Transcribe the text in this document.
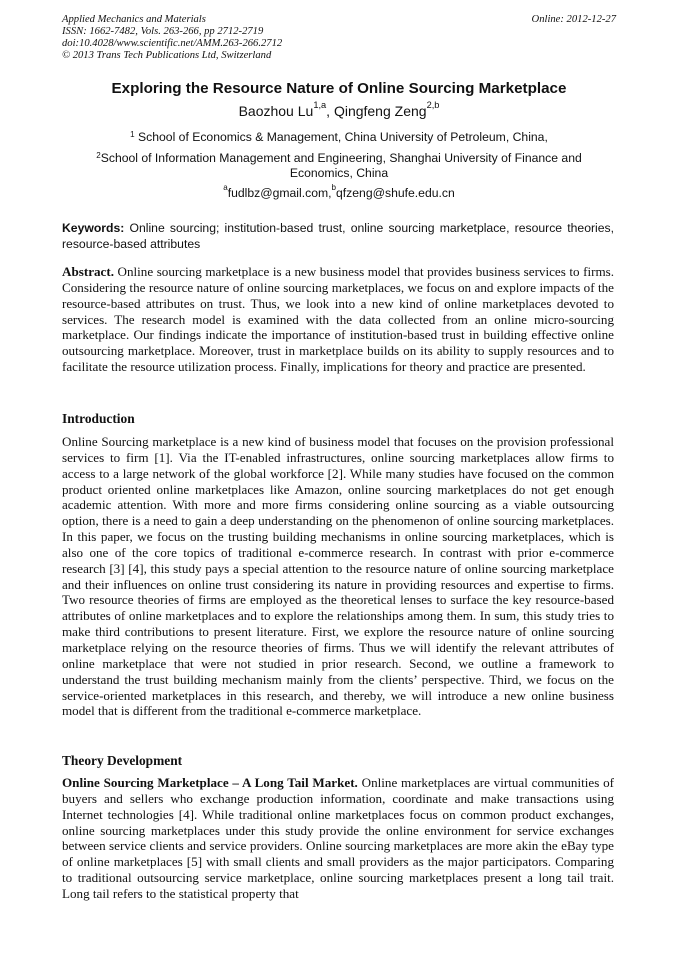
Applied Mechanics and Materials
ISSN: 1662-7482, Vols. 263-266, pp 2712-2719
doi:10.4028/www.scientific.net/AMM.263-266.2712
© 2013 Trans Tech Publications Ltd, Switzerland
Online: 2012-12-27
Exploring the Resource Nature of Online Sourcing Marketplace
Baozhou Lu$^{1,a}$, Qingfeng Zeng$^{2,b}$
$^1$ School of Economics & Management, China University of Petroleum, China,
$^2$School of Information Management and Engineering, Shanghai University of Finance and Economics, China
$^a$fudlbz@gmail.com,$^b$qfzeng@shufe.edu.cn
Keywords: Online sourcing; institution-based trust, online sourcing marketplace, resource theories, resource-based attributes
Abstract. Online sourcing marketplace is a new business model that provides business services to firms. Considering the resource nature of online sourcing marketplaces, we focus on and explore impacts of the resource-based attributes on trust. Thus, we look into a new kind of online marketplaces devoted to services. The research model is examined with the data collected from an online micro-sourcing marketplace. Our findings indicate the importance of institution-based trust in building effective online outsourcing marketplace. Moreover, trust in marketplace builds on its ability to supply resources and to facilitate the resource utilization process. Finally, implications for theory and practice are presented.
Introduction
Online Sourcing marketplace is a new kind of business model that focuses on the provision professional services to firm [1]. Via the IT-enabled infrastructures, online sourcing marketplaces allow firms to access to a large network of the global workforce [2]. While many studies have focused on the common product oriented online marketplaces like Amazon, online sourcing marketplaces do not get enough academic attention. With more and more firms considering online sourcing as a viable outsourcing option, there is a need to gain a deep understanding on the phenomenon of online sourcing marketplaces. In this paper, we focus on the trusting building mechanisms in online sourcing marketplaces, which is also one of the core topics of traditional e-commerce research. In contrast with prior e-commerce research [3] [4], this study pays a special attention to the resource nature of online sourcing marketplace and their influences on online trust considering its nature in providing resources and expertise to firms. Two resource theories of firms are employed as the theoretical lenses to surface the key resource-based attributes of online marketplaces and to explore the relationships among them. In sum, this study tries to make third contributions to present literature. First, we explore the resource nature of online sourcing marketplace relying on the resource theories of firms. Thus we will identify the relevant attributes of online marketplace that were not studied in prior research. Second, we outline a framework to understand the trust building mechanism mainly from the clients’ perspective. Third, we focus on the service-oriented marketplaces in this research, and thereby, we will introduce a new online business model that is different from the traditional e-commerce marketplace.
Theory Development
Online Sourcing Marketplace – A Long Tail Market. Online marketplaces are virtual communities of buyers and sellers who exchange production information, coordinate and make transactions using Internet technologies [4]. While traditional online marketplaces focus on common product exchanges, online sourcing marketplaces under this study provide the online environment for service exchanges between service clients and service providers. Online sourcing marketplaces are more akin the eBay type of online marketplaces [5] with small clients and small providers as the major participators. Comparing to traditional outsourcing service marketplace, online sourcing marketplaces present a long tail trait. Long tail refers to the statistical property that
